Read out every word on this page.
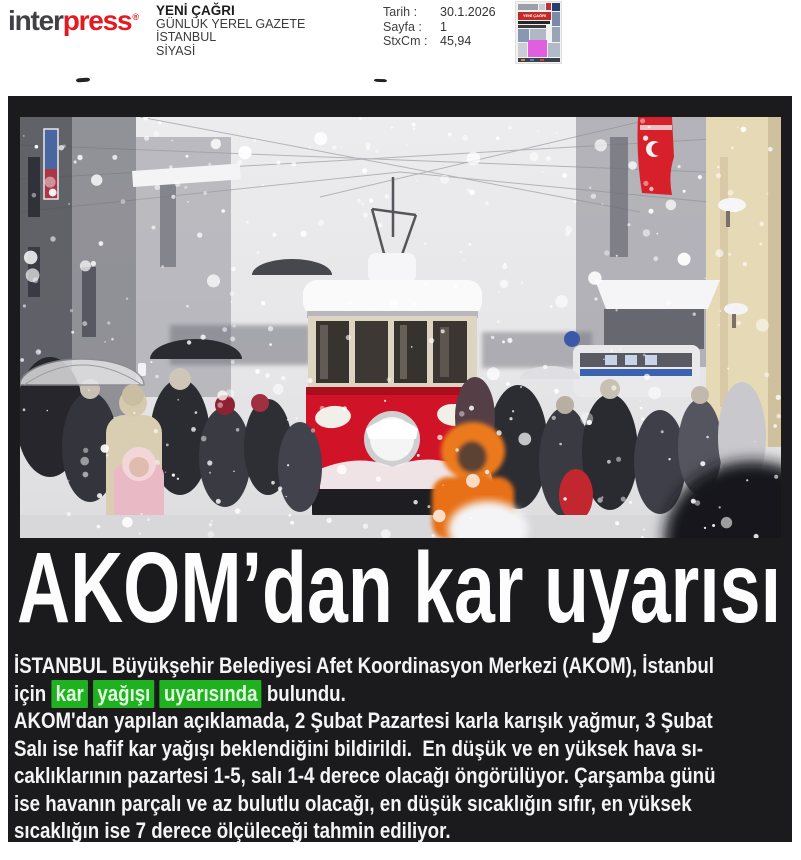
interpress® YENİ ÇAĞRI
GÜNLÜK YEREL GAZETE
İSTANBUL
SİYASİ
Tarih :	30.1.2026
Sayfa :	1
StxCm :	45,94
YENİ ÇAĞRI
AKOM’dan kar uyarısı
İSTANBUL Büyükşehir Belediyesi Afet Koordinasyon Merkezi (AKOM), İstanbul
için kar yağışı uyarısında bulundu.
AKOM'dan yapılan açıklamada, 2 Şubat Pazartesi karla karışık yağmur, 3 Şubat
Salı ise hafif kar yağışı beklendiğini bildirildi.  En düşük ve en yüksek hava sı-
caklıklarının pazartesi 1-5, salı 1-4 derece olacağı öngörülüyor. Çarşamba günü
ise havanın parçalı ve az bulutlu olacağı, en düşük sıcaklığın sıfır, en yüksek
sıcaklığın ise 7 derece ölçüleceği tahmin ediliyor.
